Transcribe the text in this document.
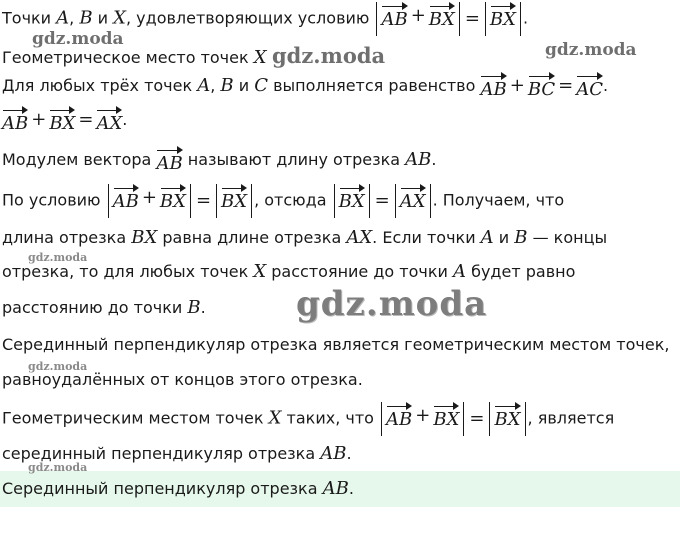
Точки A, B и X, удовлетворяющих условию AB + BX = BX .
Геометрическое место точек X
Для любых трёх точек A, B и C выполняется равенство AB + BC = AC.
AB + BX = AX.
Модулем вектора AB называют длину отрезка AB.
По условию AB + BX = BX , отсюда BX = AX . Получаем, что
длина отрезка BX равна длине отрезка AX. Если точки A и B — концы
отрезка, то для любых точек X расстояние до точки A будет равно
расстоянию до точки B.
Серединный перпендикуляр отрезка является геометрическим местом точек,
равноудалённых от концов этого отрезка.
Геометрическим местом точек X таких, что AB + BX = BX , является
серединный перпендикуляр отрезка AB.
Серединный перпендикуляр отрезка AB.
gdz.moda
gdz.moda	gdz.moda
gdz.moda
gdz.moda
gdz.moda
gdz.moda
